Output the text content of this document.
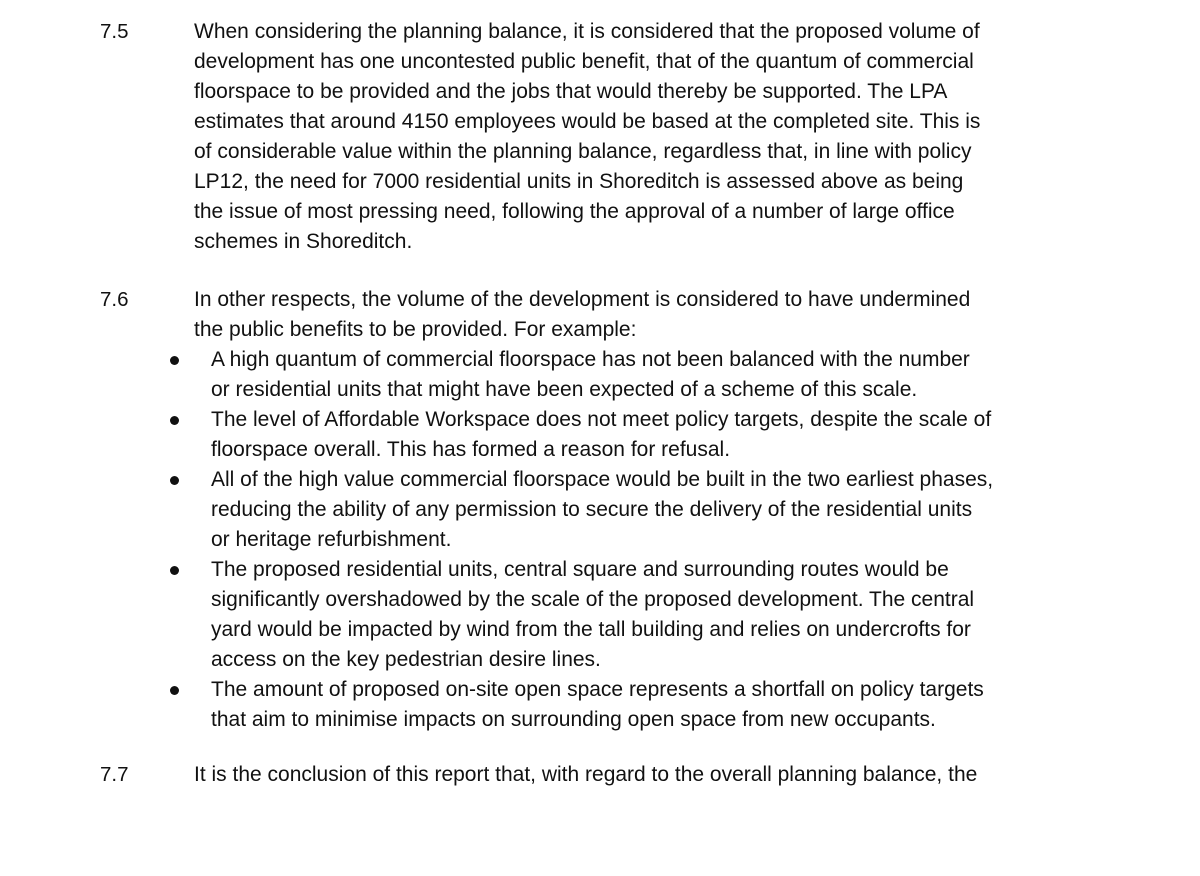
7.5	When considering the planning balance, it is considered that the proposed volume of
development has one uncontested public benefit, that of the quantum of commercial
floorspace to be provided and the jobs that would thereby be supported. The LPA
estimates that around 4150 employees would be based at the completed site. This is
of considerable value within the planning balance, regardless that, in line with policy
LP12, the need for 7000 residential units in Shoreditch is assessed above as being
the issue of most pressing need, following the approval of a number of large office
schemes in Shoreditch.
7.6	In other respects, the volume of the development is considered to have undermined
the public benefits to be provided. For example:
A high quantum of commercial floorspace has not been balanced with the number
or residential units that might have been expected of a scheme of this scale.
The level of Affordable Workspace does not meet policy targets, despite the scale of
floorspace overall. This has formed a reason for refusal.
All of the high value commercial floorspace would be built in the two earliest phases,
reducing the ability of any permission to secure the delivery of the residential units
or heritage refurbishment.
The proposed residential units, central square and surrounding routes would be
significantly overshadowed by the scale of the proposed development. The central
yard would be impacted by wind from the tall building and relies on undercrofts for
access on the key pedestrian desire lines.
The amount of proposed on-site open space represents a shortfall on policy targets
that aim to minimise impacts on surrounding open space from new occupants.
7.7	It is the conclusion of this report that, with regard to the overall planning balance, the
